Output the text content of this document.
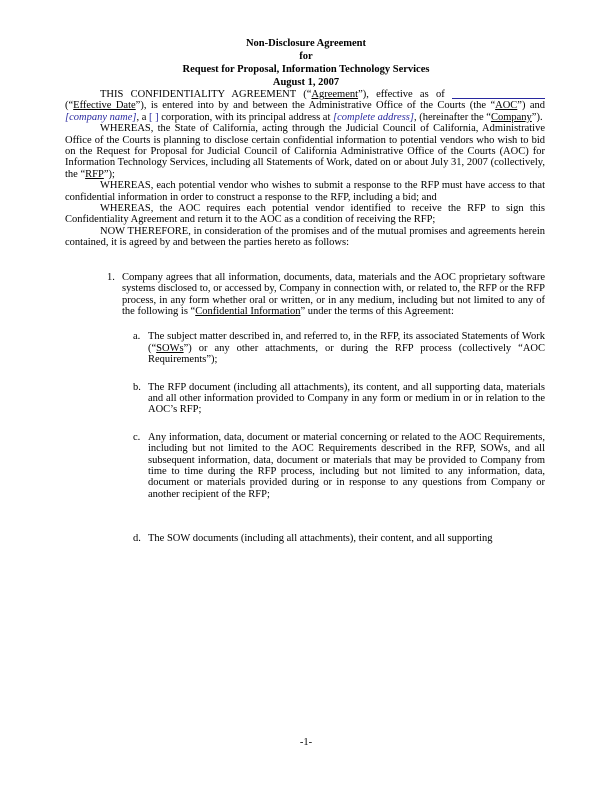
Non-Disclosure Agreement
for
Request for Proposal, Information Technology Services
August 1, 2007

THIS CONFIDENTIALITY AGREEMENT (“Agreement”), effective as of   (“Effective Date”), is entered into by and between the Administrative Office of the Courts (the “AOC”) and [company name], a [ ] corporation, with its principal address at [complete address], (hereinafter the “Company”).

WHEREAS, the State of California, acting through the Judicial Council of California, Administrative Office of the Courts is planning to disclose certain confidential information to potential vendors who wish to bid on the Request for Proposal for Judicial Council of California Administrative Office of the Courts (AOC) for Information Technology Services, including all Statements of Work, dated on or about July 31, 2007 (collectively, the “RFP”);

WHEREAS, each potential vendor who wishes to submit a response to the RFP must have access to that confidential information in order to construct a response to the RFP, including a bid; and

WHEREAS, the AOC requires each potential vendor identified to receive the RFP to sign this Confidentiality Agreement and return it to the AOC as a condition of receiving the RFP;

NOW THEREFORE, in consideration of the promises and of the mutual promises and agreements herein contained, it is agreed by and between the parties hereto as follows:

1. Company agrees that all information, documents, data, materials and the AOC proprietary software systems disclosed to, or accessed by, Company in connection with, or related to, the RFP or the RFP process, in any form whether oral or written, or in any medium, including but not limited to any of the following is “Confidential Information” under the terms of this Agreement:
a. The subject matter described in, and referred to, in the RFP, its associated Statements of Work (“SOWs”) or any other attachments, or during the RFP process (collectively “AOC Requirements”);
b. The RFP document (including all attachments), its content, and all supporting data, materials and all other information provided to Company in any form or medium in or in relation to the AOC’s RFP;
c. Any information, data, document or material concerning or related to the AOC Requirements, including but not limited to the AOC Requirements described in the RFP, SOWs, and all subsequent information, data, document or materials that may be provided to Company from time to time during the RFP process, including but not limited to any information, data, document or materials provided during or in response to any questions from Company or another recipient of the RFP;
d. The SOW documents (including all attachments), their content, and all supporting
-1-
